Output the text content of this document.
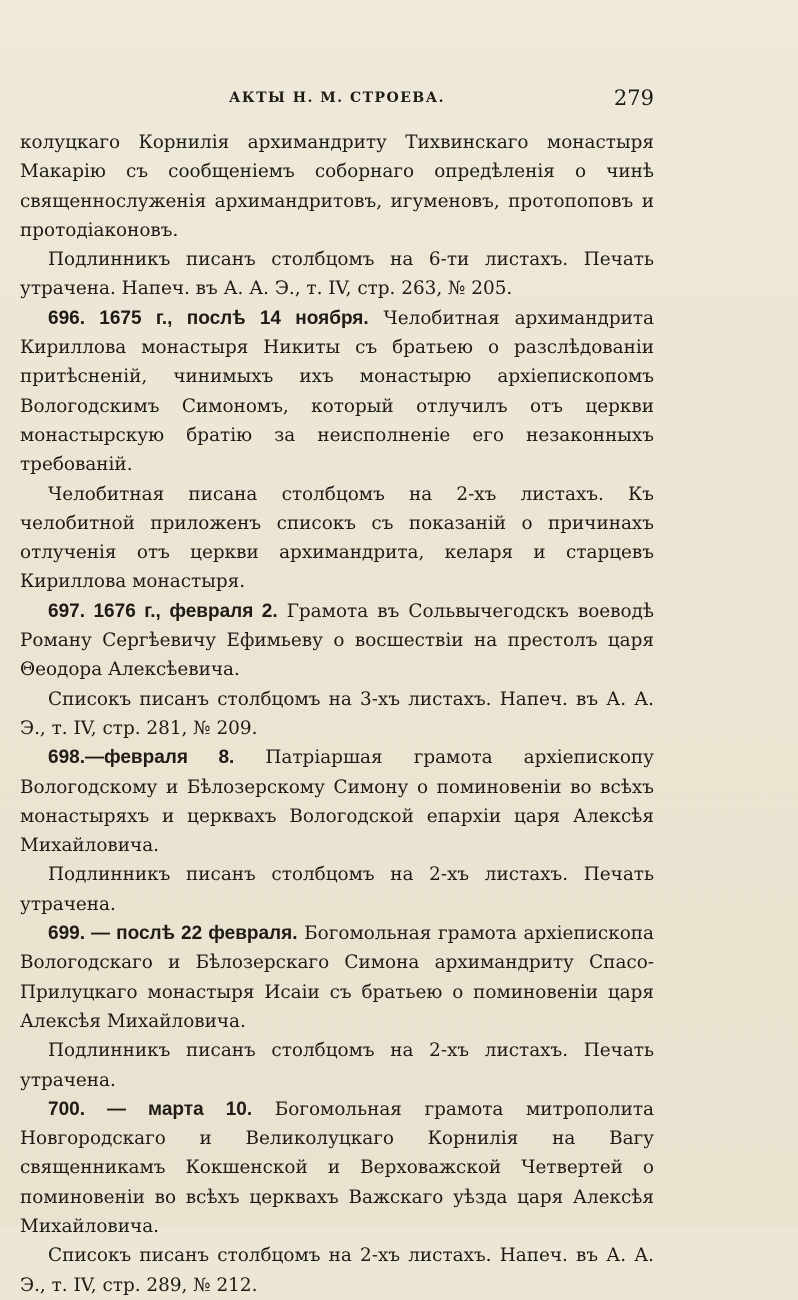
АКТЫ Н. М. СТРОЕВА.	279

колуцкаго Корнилія архимандриту Тихвинскаго монастыря Макарію съ сообщеніемъ соборнаго опредѣленія о чинѣ священнослуженія архимандритовъ, игуменовъ, протопоповъ и протодіаконовъ.

Подлинникъ писанъ столбцомъ на 6-ти листахъ. Печать утрачена. Напеч. въ А. А. Э., т. IV, стр. 263, № 205.

696. 1675 г., послѣ 14 ноября. Челобитная архимандрита Кириллова монастыря Никиты съ братьею о разслѣдованіи притѣсненій, чинимыхъ ихъ монастырю архіепископомъ Вологодскимъ Симономъ, который отлучилъ отъ церкви монастырскую братію за неисполненіе его незаконныхъ требованій.

Челобитная писана столбцомъ на 2-хъ листахъ. Къ челобитной приложенъ списокъ съ показаній о причинахъ отлученія отъ церкви архимандрита, келаря и старцевъ Кириллова монастыря.

697. 1676 г., февраля 2. Грамота въ Сольвычегодскъ воеводѣ Роману Сергѣевичу Ефимьеву о восшествіи на престолъ царя Θеодора Алексѣевича.

Списокъ писанъ столбцомъ на 3-хъ листахъ. Напеч. въ А. А. Э., т. IV, стр. 281, № 209.

698.—февраля 8. Патріаршая грамота архіепископу Вологодскому и Бѣлозерскому Симону о поминовеніи во всѣхъ монастыряхъ и церквахъ Вологодской епархіи царя Алексѣя Михайловича.

Подлинникъ писанъ столбцомъ на 2-хъ листахъ. Печать утрачена.

699. — послѣ 22 февраля. Богомольная грамота архіепископа Вологодскаго и Бѣлозерскаго Симона архимандриту Спасо-Прилуцкаго монастыря Исаіи съ братьею о поминовеніи царя Алексѣя Михайловича.

Подлинникъ писанъ столбцомъ на 2-хъ листахъ. Печать утрачена.

700. — марта 10. Богомольная грамота митрополита Новгородскаго и Великолуцкаго Корнилія на Вагу священникамъ Кокшенской и Верховажской Четвертей о поминовеніи во всѣхъ церквахъ Важскаго уѣзда царя Алексѣя Михайловича.

Списокъ писанъ столбцомъ на 2-хъ листахъ. Напеч. въ А. А. Э., т. IV, стр. 289, № 212.
